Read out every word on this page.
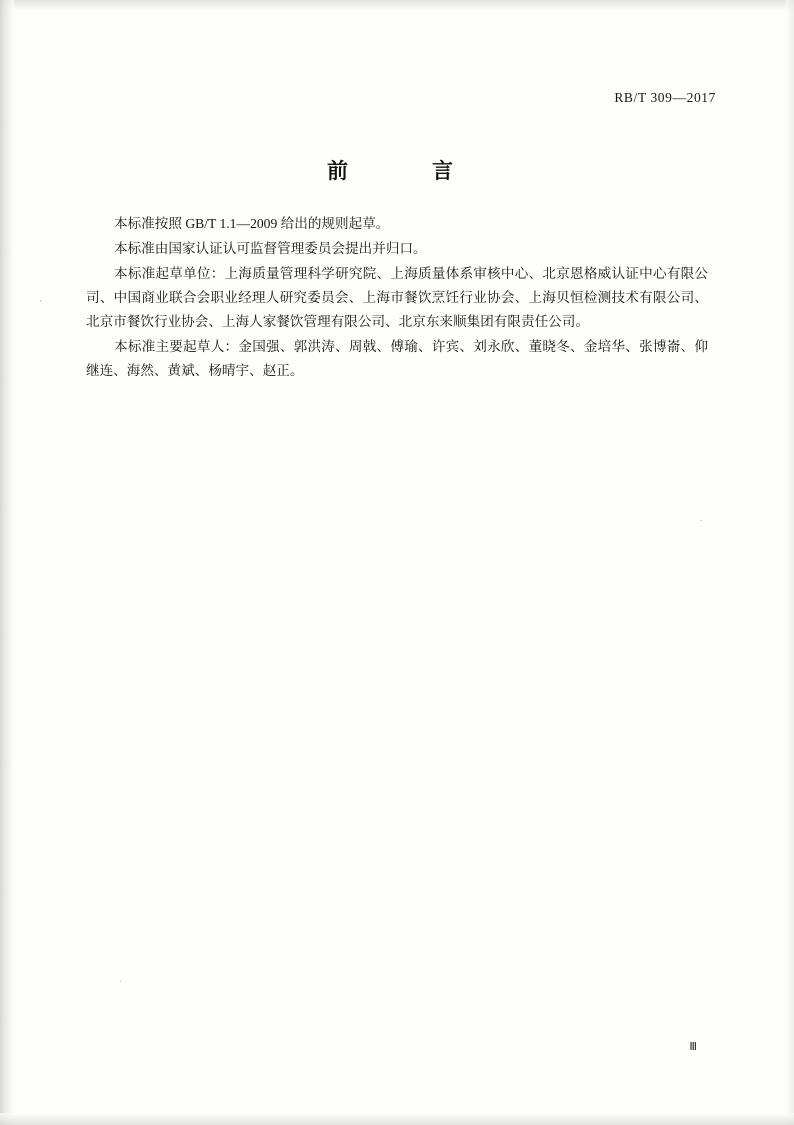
RB/T 309—2017
前　　言

本标准按照 GB/T 1.1—2009 给出的规则起草。

本标准由国家认证认可监督管理委员会提出并归口。

本标准起草单位：上海质量管理科学研究院、上海质量体系审核中心、北京恩格威认证中心有限公司、中国商业联合会职业经理人研究委员会、上海市餐饮烹饪行业协会、上海贝恒检测技术有限公司、北京市餐饮行业协会、上海人家餐饮管理有限公司、北京东来顺集团有限责任公司。

本标准主要起草人：金国强、郭洪涛、周戟、傅瑜、许宾、刘永欣、董晓冬、金培华、张博嵛、仰继连、海然、黄斌、杨晴宇、赵正。

Ⅲ
